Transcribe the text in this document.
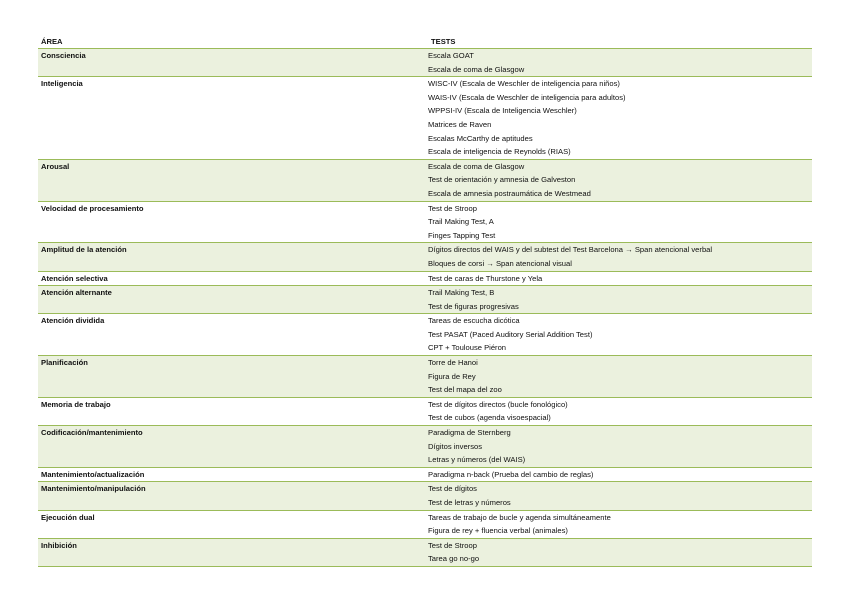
ÁREA	TESTS
Consciencia	Escala GOAT
Escala de coma de Glasgow
Inteligencia	WISC-IV (Escala de Weschler de inteligencia para niños)
WAIS-IV (Escala de Weschler de inteligencia para adultos)
WPPSI-IV (Escala de Inteligencia Weschler)
Matrices de Raven
Escalas McCarthy de aptitudes
Escala de inteligencia de Reynolds (RIAS)
Arousal	Escala de coma de Glasgow
Test de orientación y amnesia de Galveston
Escala de amnesia postraumática de Westmead
Velocidad de procesamiento	Test de Stroop
Trail Making Test, A
Finges Tapping Test
Amplitud de la atención	Dígitos directos del WAIS y del subtest del Test Barcelona → Span atencional verbal
Bloques de corsi → Span atencional visual
Atención selectiva	Test de caras de Thurstone y Yela
Atención alternante	Trail Making Test, B
Test de figuras progresivas
Atención dividida	Tareas de escucha dicótica
Test PASAT (Paced Auditory Serial Addition Test)
CPT + Toulouse Piéron
Planificación	Torre de Hanoi
Figura de Rey
Test del mapa del zoo
Memoria de trabajo	Test de dígitos directos (bucle fonológico)
Test de cubos (agenda visoespacial)
Codificación/mantenimiento	Paradigma de Sternberg
Dígitos inversos
Letras y números (del WAIS)
Mantenimiento/actualización	Paradigma n-back (Prueba del cambio de reglas)
Mantenimiento/manipulación	Test de dígitos
Test de letras y números
Ejecución dual	Tareas de trabajo de bucle y agenda simultáneamente
Figura de rey + fluencia verbal (animales)
Inhibición	Test de Stroop
Tarea go no-go
